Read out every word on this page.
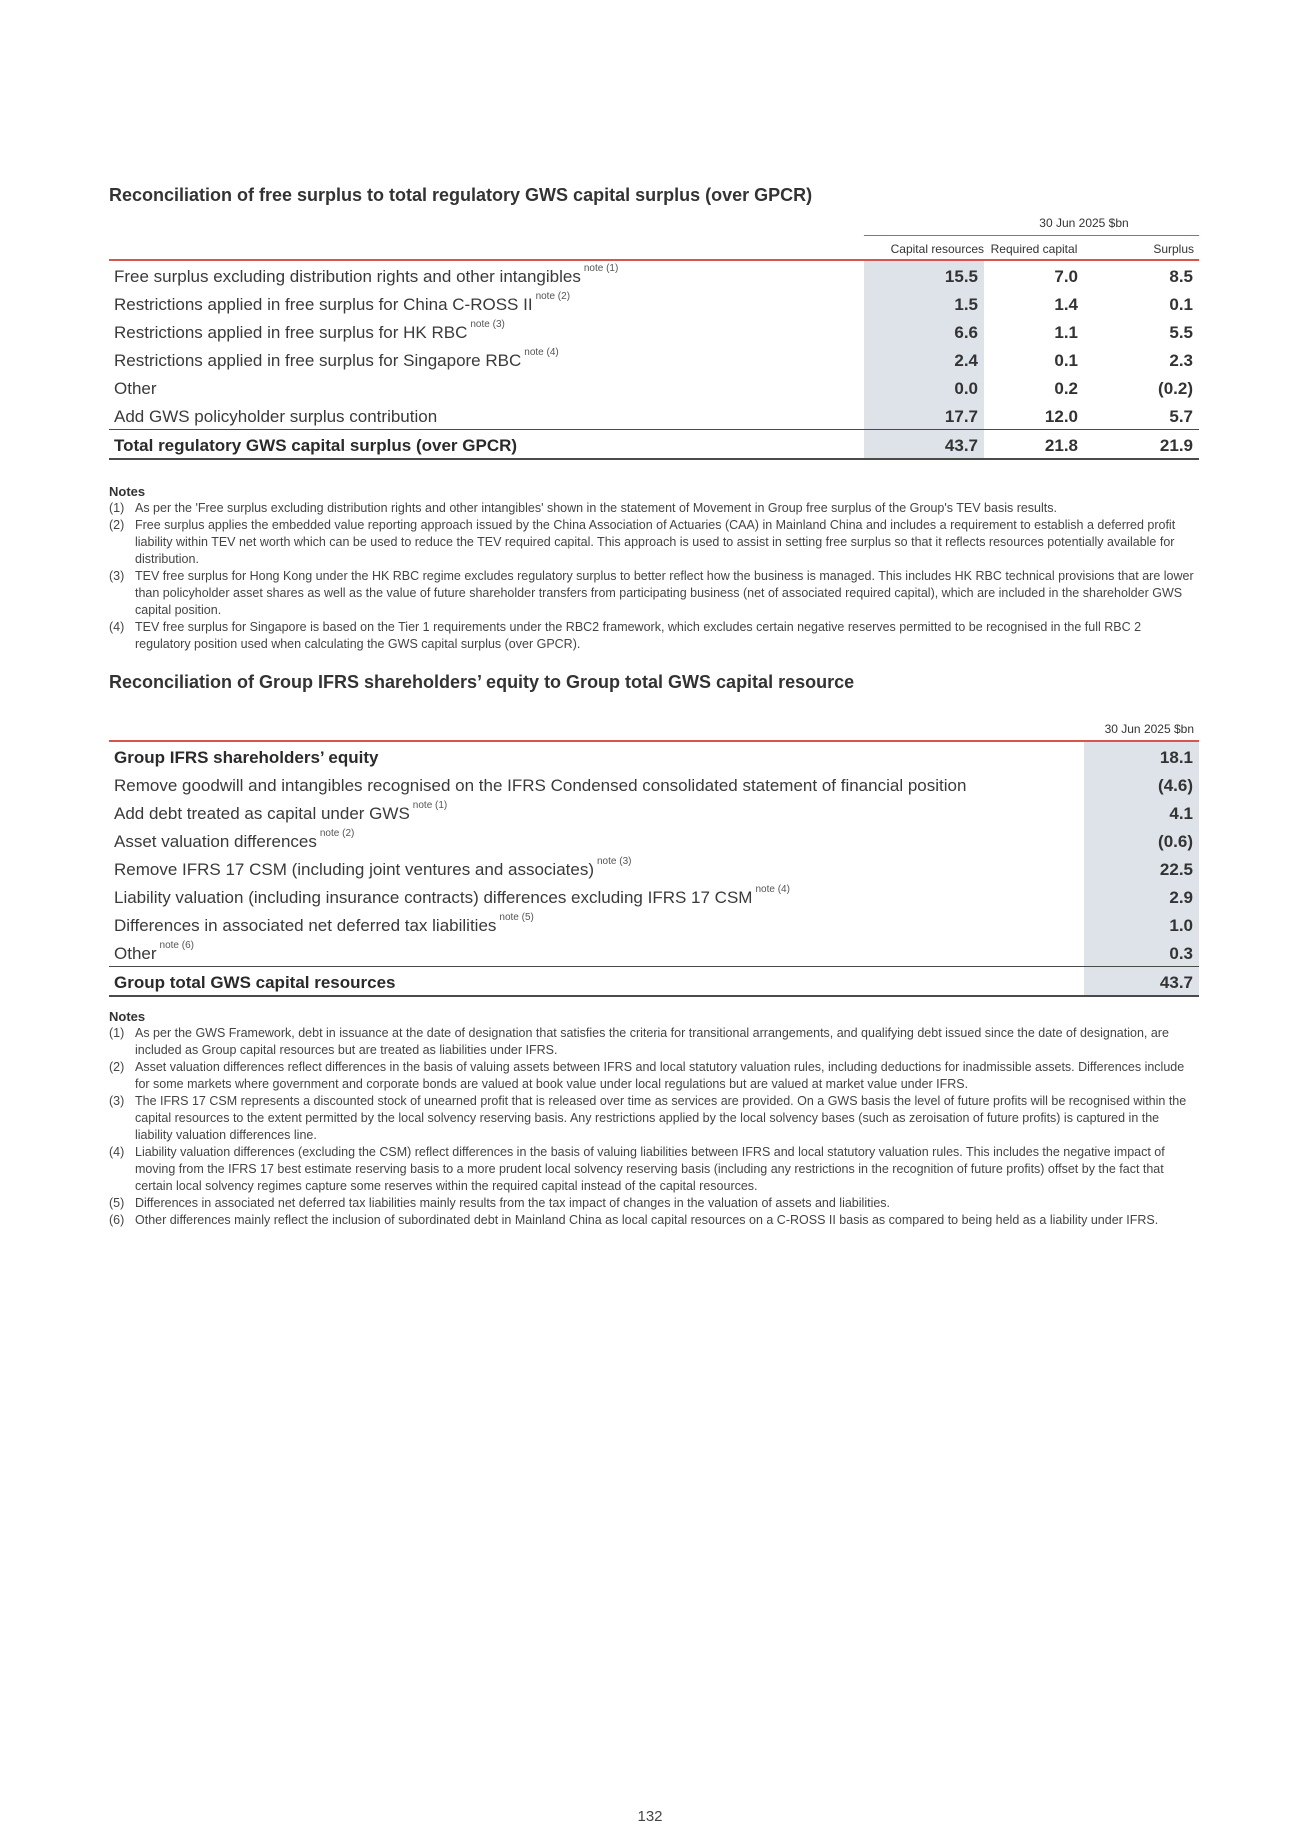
Reconciliation of free surplus to total regulatory GWS capital surplus (over GPCR)
30 Jun 2025 $bn
Capital resources Required capital	Surplus
Free surplus excluding distribution rights and other intangibles $^{note (1)}$	15.5	7.0	8.5
Restrictions applied in free surplus for China C-ROSS II $^{note (2)}$	1.5	1.4	0.1
Restrictions applied in free surplus for HK RBC $^{note (3)}$	6.6	1.1	5.5
Restrictions applied in free surplus for Singapore RBC $^{note (4)}$	2.4	0.1	2.3
Other	0.0	0.2	(0.2)
Add GWS policyholder surplus contribution	17.7	12.0	5.7
Total regulatory GWS capital surplus (over GPCR)	43.7	21.8	21.9
Notes
(1) As per the 'Free surplus excluding distribution rights and other intangibles' shown in the statement of Movement in Group free surplus of the Group's TEV basis results.
(2) Free surplus applies the embedded value reporting approach issued by the China Association of Actuaries (CAA) in Mainland China and includes a requirement to establish a deferred profit liability within TEV net worth which can be used to reduce the TEV required capital. This approach is used to assist in setting free surplus so that it reflects resources potentially available for distribution.
(3) TEV free surplus for Hong Kong under the HK RBC regime excludes regulatory surplus to better reflect how the business is managed. This includes HK RBC technical provisions that are lower than policyholder asset shares as well as the value of future shareholder transfers from participating business (net of associated required capital), which are included in the shareholder GWS capital position.
(4) TEV free surplus for Singapore is based on the Tier 1 requirements under the RBC2 framework, which excludes certain negative reserves permitted to be recognised in the full RBC 2 regulatory position used when calculating the GWS capital surplus (over GPCR).
Reconciliation of Group IFRS shareholders’ equity to Group total GWS capital resource
30 Jun 2025 $bn
Group IFRS shareholders’ equity	18.1
Remove goodwill and intangibles recognised on the IFRS Condensed consolidated statement of financial position	(4.6)
Add debt treated as capital under GWS $^{note (1)}$	4.1
Asset valuation differences $^{note (2)}$	(0.6)
Remove IFRS 17 CSM (including joint ventures and associates) $^{note (3)}$	22.5
Liability valuation (including insurance contracts) differences excluding IFRS 17 CSM $^{note (4)}$	2.9
Differences in associated net deferred tax liabilities $^{note (5)}$	1.0
Other $^{note (6)}$	0.3
Group total GWS capital resources	43.7
Notes
(1) As per the GWS Framework, debt in issuance at the date of designation that satisfies the criteria for transitional arrangements, and qualifying debt issued since the date of designation, are included as Group capital resources but are treated as liabilities under IFRS.
(2) Asset valuation differences reflect differences in the basis of valuing assets between IFRS and local statutory valuation rules, including deductions for inadmissible assets. Differences include for some markets where government and corporate bonds are valued at book value under local regulations but are valued at market value under IFRS.
(3) The IFRS 17 CSM represents a discounted stock of unearned profit that is released over time as services are provided. On a GWS basis the level of future profits will be recognised within the capital resources to the extent permitted by the local solvency reserving basis. Any restrictions applied by the local solvency bases (such as zeroisation of future profits) is captured in the liability valuation differences line.
(4) Liability valuation differences (excluding the CSM) reflect differences in the basis of valuing liabilities between IFRS and local statutory valuation rules. This includes the negative impact of moving from the IFRS 17 best estimate reserving basis to a more prudent local solvency reserving basis (including any restrictions in the recognition of future profits) offset by the fact that certain local solvency regimes capture some reserves within the required capital instead of the capital resources.
(5) Differences in associated net deferred tax liabilities mainly results from the tax impact of changes in the valuation of assets and liabilities.
(6) Other differences mainly reflect the inclusion of subordinated debt in Mainland China as local capital resources on a C-ROSS II basis as compared to being held as a liability under IFRS.
132
